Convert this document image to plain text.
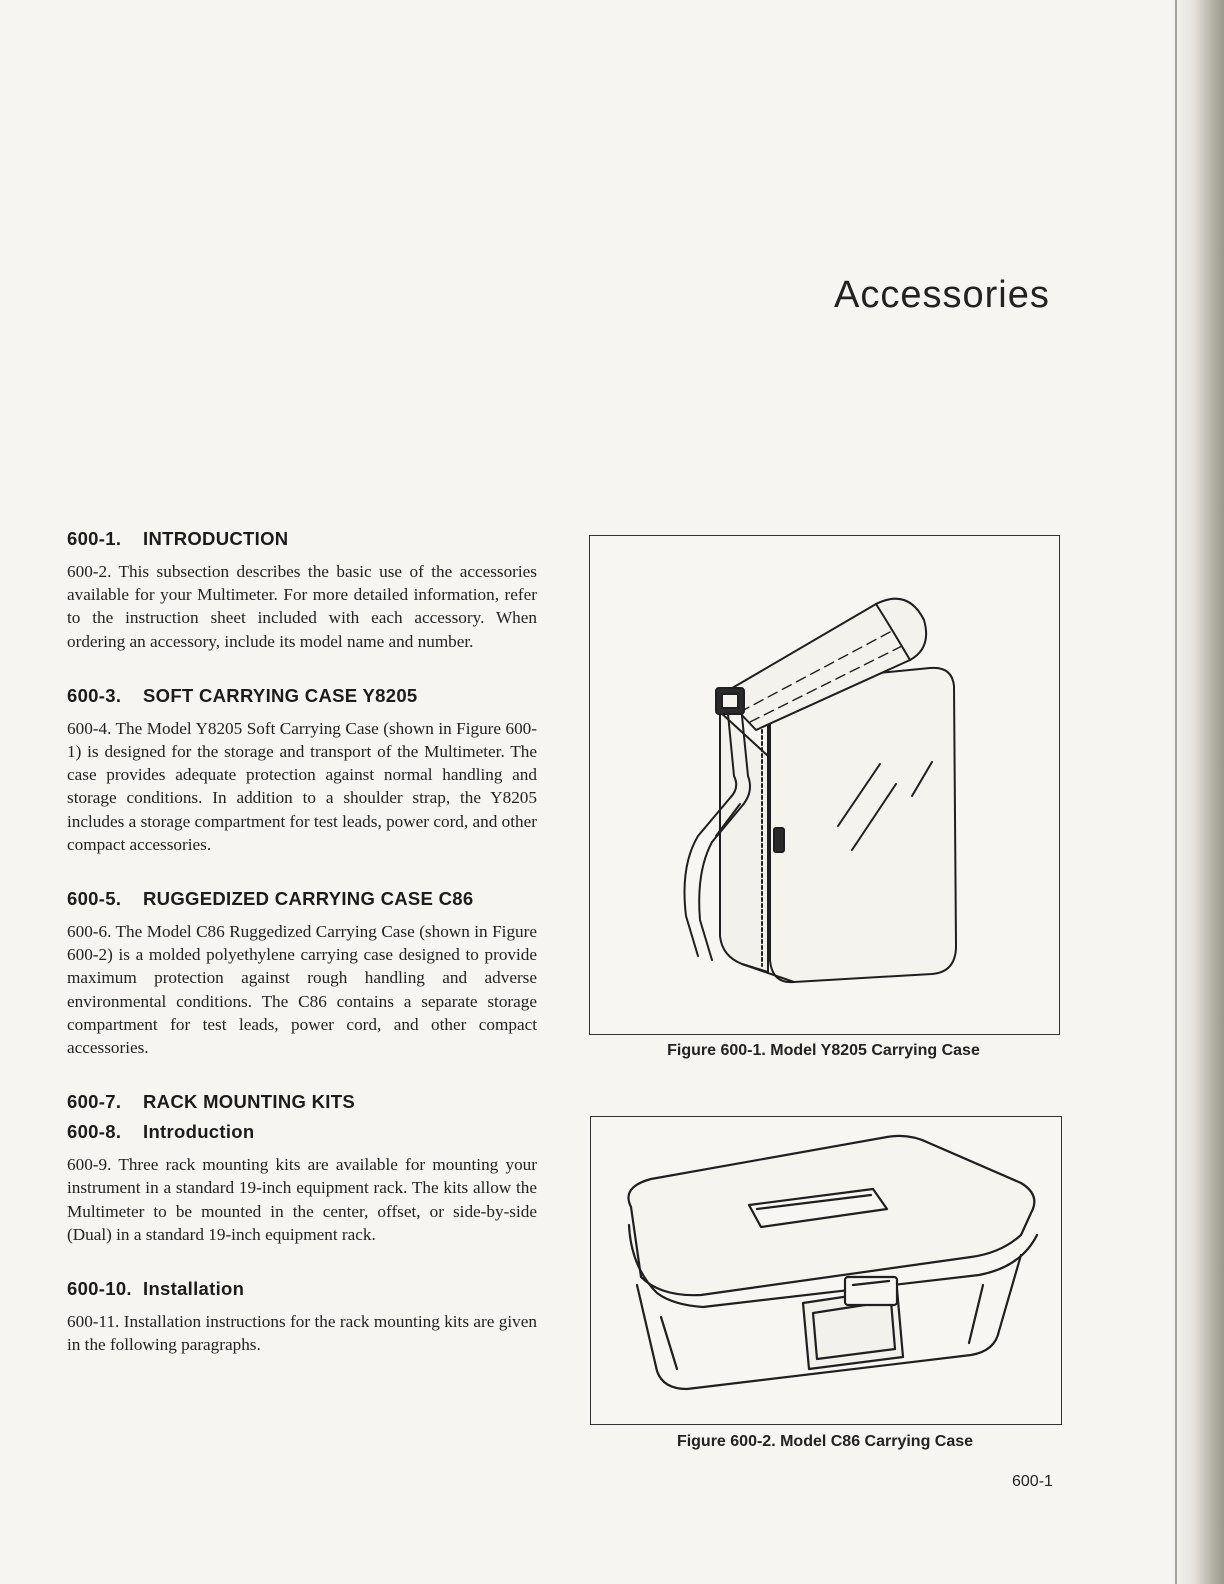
Accessories
600-1. INTRODUCTION

600-2. This subsection describes the basic use of the accessories available for your Multimeter. For more detailed information, refer to the instruction sheet included with each accessory. When ordering an accessory, include its model name and number.

600-3. SOFT CARRYING CASE Y8205

600-4. The Model Y8205 Soft Carrying Case (shown in Figure 600-1) is designed for the storage and transport of the Multimeter. The case provides adequate protection against normal handling and storage conditions. In addition to a shoulder strap, the Y8205 includes a storage compartment for test leads, power cord, and other compact accessories.

600-5. RUGGEDIZED CARRYING CASE C86

600-6. The Model C86 Ruggedized Carrying Case (shown in Figure 600-2) is a molded polyethylene carrying case designed to provide maximum protection against rough handling and adverse environmental conditions. The C86 contains a separate storage compartment for test leads, power cord, and other compact accessories.

600-7. RACK MOUNTING KITS
600-8. Introduction

600-9. Three rack mounting kits are available for mounting your instrument in a standard 19-inch equipment rack. The kits allow the Multimeter to be mounted in the center, offset, or side-by-side (Dual) in a standard 19-inch equipment rack.

600-10. Installation

600-11. Installation instructions for the rack mounting kits are given in the following paragraphs.

Figure 600-1. Model Y8205 Carrying Case
Figure 600-2. Model C86 Carrying Case
600-1
